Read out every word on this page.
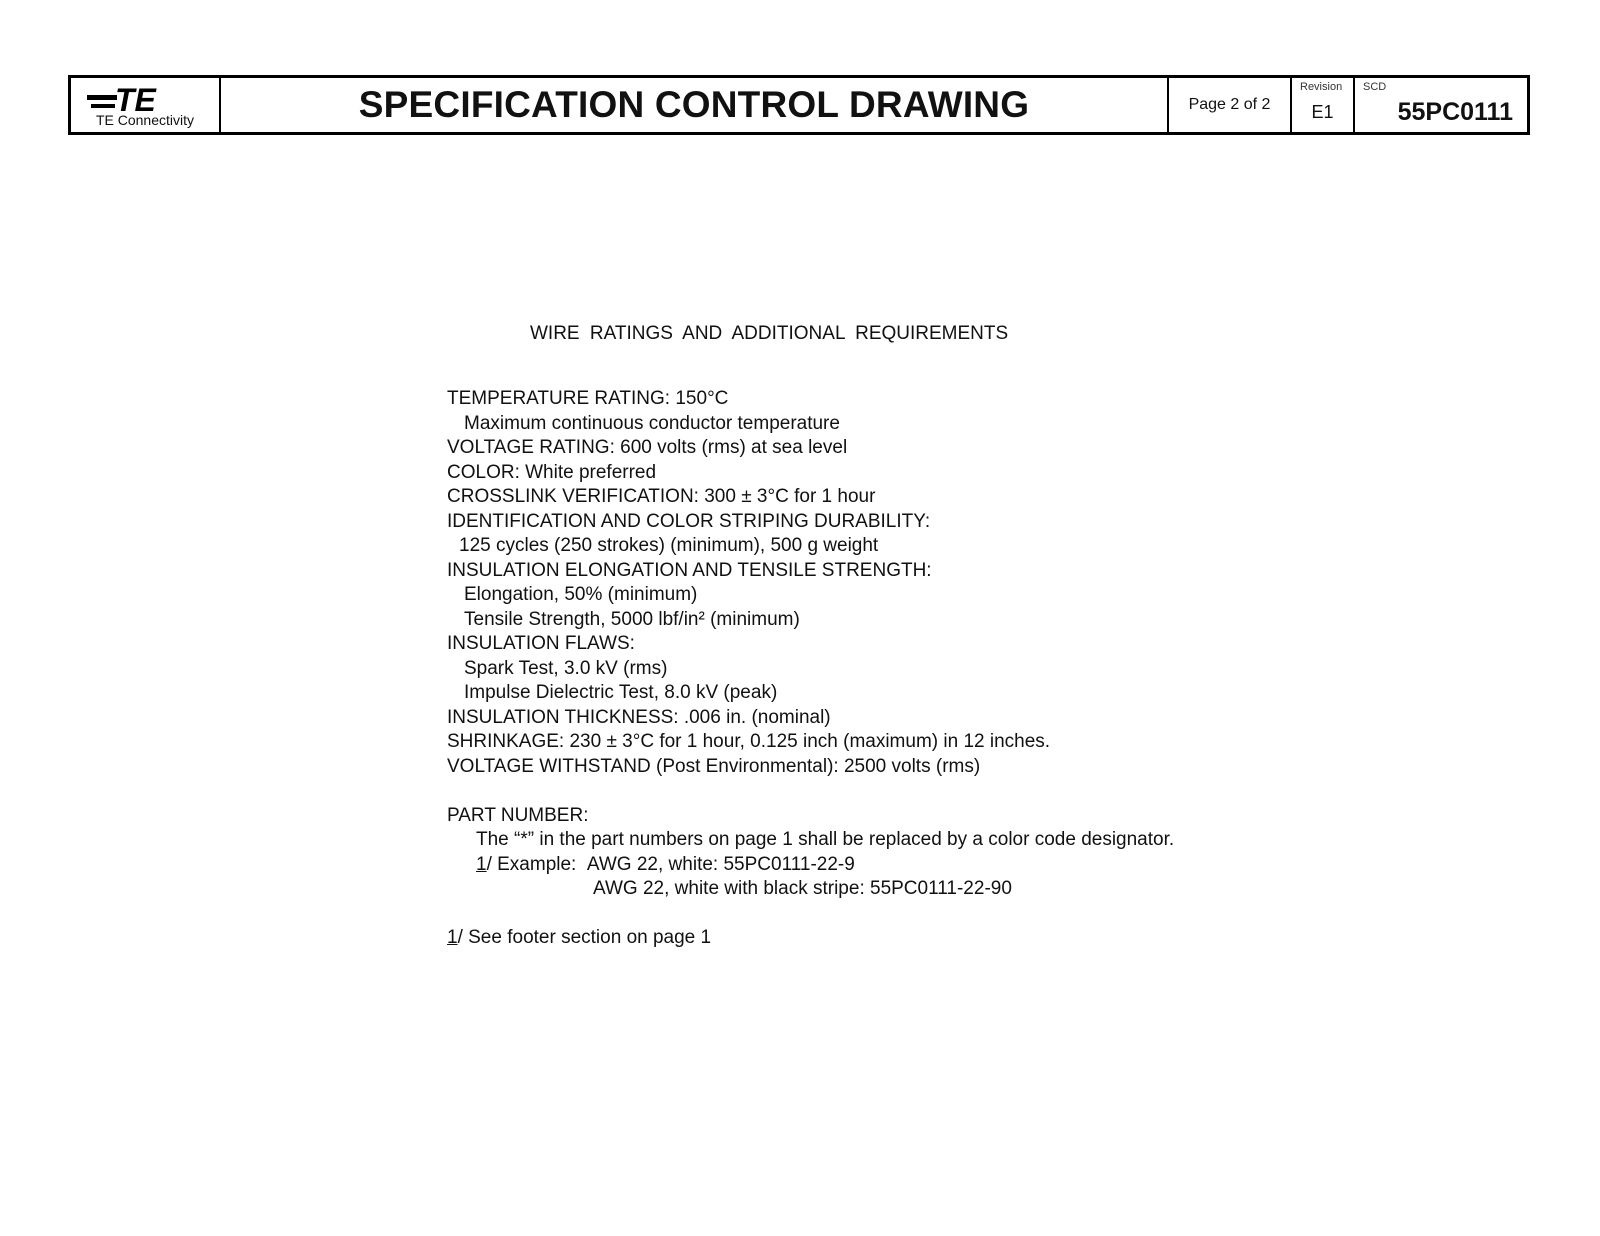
TE
TE Connectivity	SPECIFICATION CONTROL DRAWING	Page 2 of 2
Revision
E1
SCD
55PC0111
WIRE RATINGS AND ADDITIONAL REQUIREMENTS
TEMPERATURE RATING: 150°C
Maximum continuous conductor temperature
VOLTAGE RATING: 600 volts (rms) at sea level
COLOR: White preferred
CROSSLINK VERIFICATION: 300 ± 3°C for 1 hour
IDENTIFICATION AND COLOR STRIPING DURABILITY:
125 cycles (250 strokes) (minimum), 500 g weight
INSULATION ELONGATION AND TENSILE STRENGTH:
Elongation, 50% (minimum)
Tensile Strength, 5000 lbf/in² (minimum)
INSULATION FLAWS:
Spark Test, 3.0 kV (rms)
Impulse Dielectric Test, 8.0 kV (peak)
INSULATION THICKNESS: .006 in. (nominal)
SHRINKAGE: 230 ± 3°C for 1 hour, 0.125 inch (maximum) in 12 inches.
VOLTAGE WITHSTAND (Post Environmental): 2500 volts (rms)
PART NUMBER:
The “*” in the part numbers on page 1 shall be replaced by a color code designator.
1/ Example: AWG 22, white: 55PC0111-22-9
AWG 22, white with black stripe: 55PC0111-22-90
1/ See footer section on page 1
